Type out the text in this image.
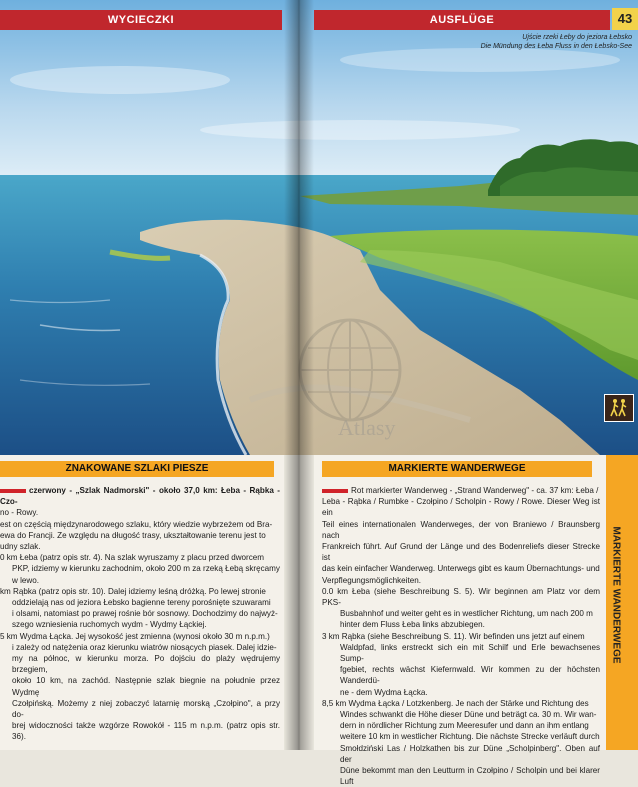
WYCIECZKI	AUSFLÜGE	43
Ujście rzeki Łeby do jeziora Łebsko
Die Mündung des Łeba Fluss in den Łebsko-See
Atlasy
ZNAKOWANE SZLAKI PIESZE

czerwony - „Szlak Nadmorski" - około 37,0 km: Łeba - Rąbka - Czo-

no - Rowy.

est on częścią międzynarodowego szlaku, który wiedzie wybrzeżem od Bra-

ewa do Francji. Ze względu na długość trasy, ukształtowanie terenu jest to

udny szlak.

0 km Łeba (patrz opis str. 4). Na szlak wyruszamy z placu przed dworcem

PKP, idziemy w kierunku zachodnim, około 200 m za rzeką Łebą skręcamy

w lewo.

km Rąbka (patrz opis str. 10). Dalej idziemy leśną dróżką. Po lewej stronie

oddzielają nas od jeziora Łebsko bagienne tereny porośnięte szuwarami

i olsami, natomiast po prawej rośnie bór sosnowy. Dochodzimy do najwyż-

szego wzniesienia ruchomych wydm - Wydmy Łąckiej.

5 km Wydma Łącka. Jej wysokość jest zmienna (wynosi około 30 m n.p.m.)

i zależy od natężenia oraz kierunku wiatrów niosących piasek. Dalej idzie-

my na północ, w kierunku morza. Po dojściu do plaży wędrujemy brzegiem,

około 10 km, na zachód. Następnie szlak biegnie na południe przez Wydmę

Czołpińską. Możemy z niej zobaczyć latarnię morską „Czołpino", a przy do-

brej widoczności także wzgórze Rowokół - 115 m n.p.m. (patrz opis str. 36).

MARKIERTE WANDERWEGE

Rot markierter Wanderweg - „Strand Wanderweg" - ca. 37 km: Łeba /

Leba - Rąbka / Rumbke - Czołpino / Scholpin - Rowy / Rowe. Dieser Weg ist ein

Teil eines internationalen Wanderweges, der von Braniewo / Braunsberg nach

Frankreich führt. Auf Grund der Länge und des Bodenreliefs dieser Strecke ist

das kein einfacher Wanderweg. Unterwegs gibt es kaum Übernachtungs- und

Verpflegungsmöglichkeiten.

0.0 km Łeba (siehe Beschreibung S. 5). Wir beginnen am Platz vor dem PKS-

Busbahnhof und weiter geht es in westlicher Richtung, um nach 200 m

hinter dem Fluss Łeba links abzubiegen.

3 km Rąbka (siehe Beschreibung S. 11). Wir befinden uns jetzt auf einem

Waldpfad, links erstreckt sich ein mit Schilf und Erle bewachsenes Sump-

fgebiet, rechts wächst Kiefernwald. Wir kommen zu der höchsten Wanderdü-

ne - dem Wydma Łącka.

8,5 km Wydma Łącka / Lotzkenberg. Je nach der Stärke und Richtung des

Windes schwankt die Höhe dieser Düne und beträgt ca. 30 m. Wir wan-

dern in nördlicher Richtung zum Meeresufer und dann an ihm entlang

weitere 10 km in westlicher Richtung. Die nächste Strecke verläuft durch

Smołdziński Las / Holzkathen bis zur Düne „Scholpinberg". Oben auf der

Düne bekommt man den Leutturm in Czołpino / Scholpin und bei klarer Luft

MARKIERTE WANDERWEGE
